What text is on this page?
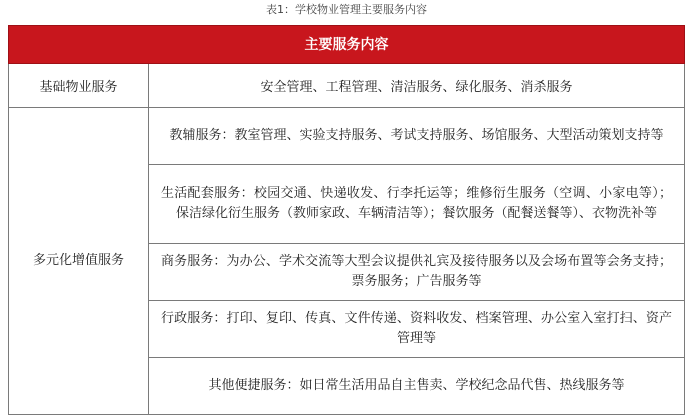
表1：学校物业管理主要服务内容
主要服务内容	
基础物业服务	安全管理、工程管理、清洁服务、绿化服务、消杀服务
多元化增值服务	教辅服务：教室管理、实验支持服务、考试支持服务、场馆服务、大型活动策划支持等
	生活配套服务：校园交通、快递收发、行李托运等；维修衍生服务（空调、小家电等）；保洁绿化衍生服务（教师家政、车辆清洁等）；餐饮服务（配餐送餐等）、衣物洗补等
	商务服务：为办公、学术交流等大型会议提供礼宾及接待服务以及会场布置等会务支持；票务服务；广告服务等
	行政服务：打印、复印、传真、文件传递、资料收发、档案管理、办公室入室打扫、资产管理等
	其他便捷服务：如日常生活用品自主售卖、学校纪念品代售、热线服务等
